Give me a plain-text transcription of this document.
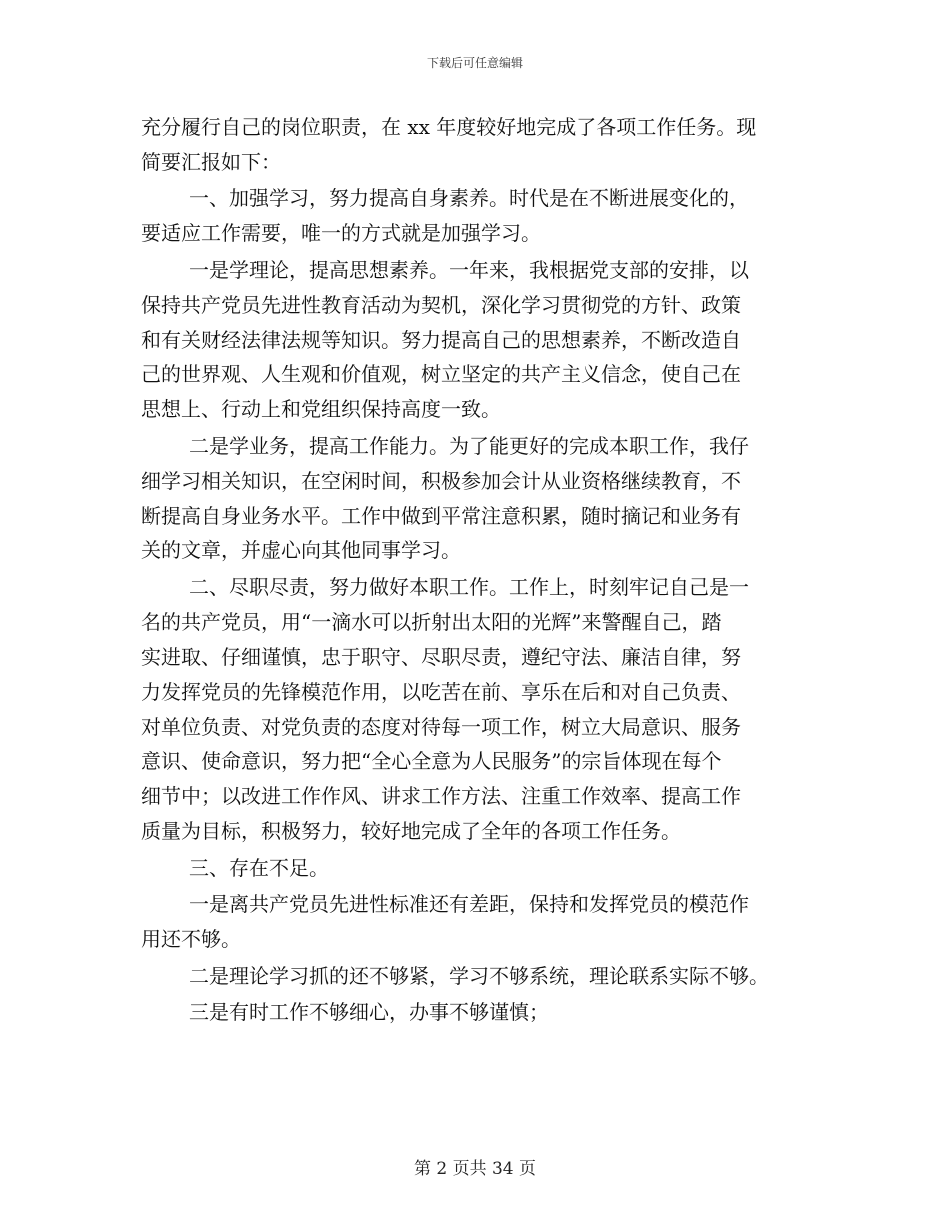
下载后可任意编辑
充分履行自己的岗位职责，在 xx 年度较好地完成了各项工作任务。现
简要汇报如下：
一、加强学习，努力提高自身素养。时代是在不断进展变化的，
要适应工作需要，唯一的方式就是加强学习。
一是学理论，提高思想素养。一年来，我根据党支部的安排，以
保持共产党员先进性教育活动为契机，深化学习贯彻党的方针、政策
和有关财经法律法规等知识。努力提高自己的思想素养，不断改造自
己的世界观、人生观和价值观，树立坚定的共产主义信念，使自己在
思想上、行动上和党组织保持高度一致。
二是学业务，提高工作能力。为了能更好的完成本职工作，我仔
细学习相关知识，在空闲时间，积极参加会计从业资格继续教育，不
断提高自身业务水平。工作中做到平常注意积累，随时摘记和业务有
关的文章，并虚心向其他同事学习。
二、尽职尽责，努力做好本职工作。工作上，时刻牢记自己是一
名的共产党员，用“一滴水可以折射出太阳的光辉”来警醒自己，踏
实进取、仔细谨慎，忠于职守、尽职尽责，遵纪守法、廉洁自律，努
力发挥党员的先锋模范作用，以吃苦在前、享乐在后和对自己负责、
对单位负责、对党负责的态度对待每一项工作，树立大局意识、服务
意识、使命意识，努力把“全心全意为人民服务”的宗旨体现在每个
细节中；以改进工作作风、讲求工作方法、注重工作效率、提高工作
质量为目标，积极努力，较好地完成了全年的各项工作任务。
三、存在不足。
一是离共产党员先进性标准还有差距，保持和发挥党员的模范作
用还不够。
二是理论学习抓的还不够紧，学习不够系统，理论联系实际不够。
三是有时工作不够细心，办事不够谨慎；
第 2 页共 34 页
